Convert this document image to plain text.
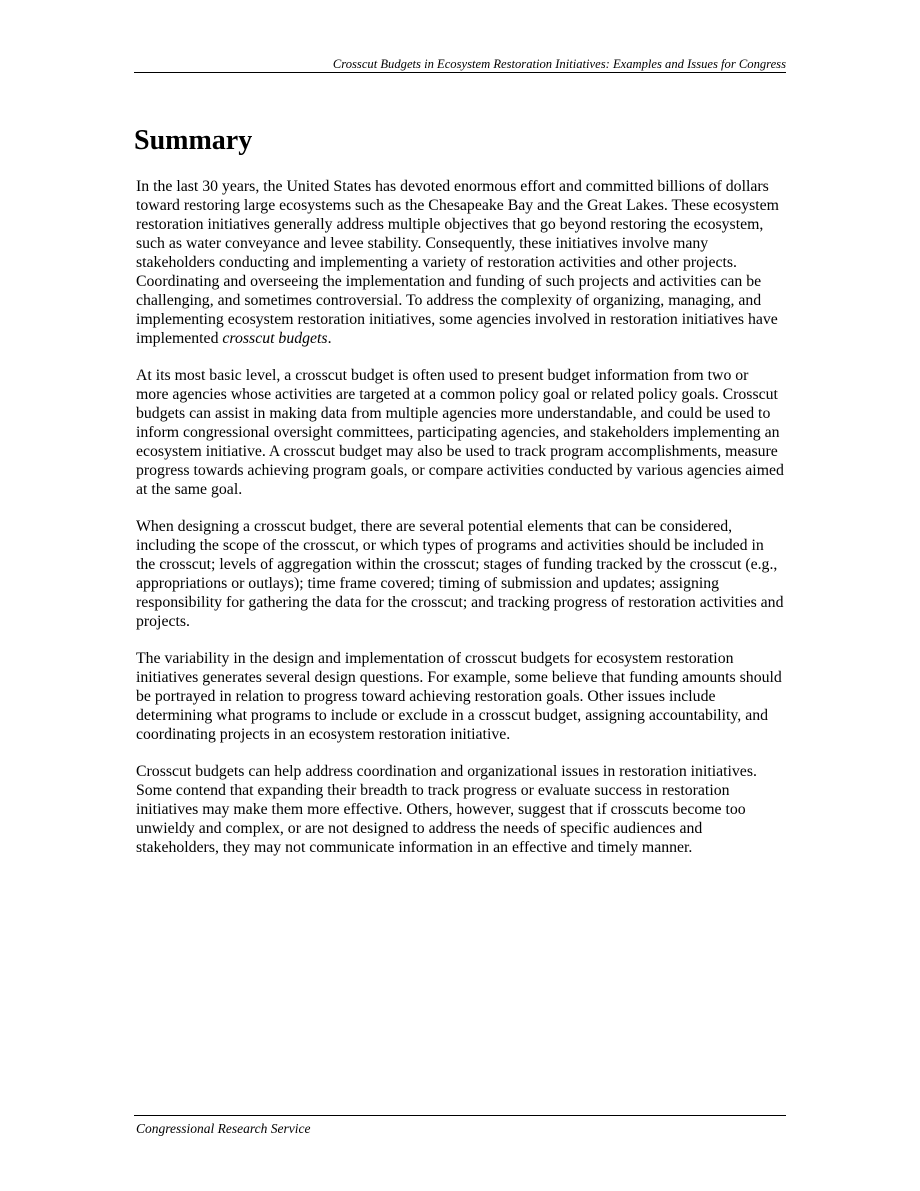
Crosscut Budgets in Ecosystem Restoration Initiatives: Examples and Issues for Congress
Summary

In the last 30 years, the United States has devoted enormous effort and committed billions of dollars toward restoring large ecosystems such as the Chesapeake Bay and the Great Lakes. These ecosystem restoration initiatives generally address multiple objectives that go beyond restoring the ecosystem, such as water conveyance and levee stability. Consequently, these initiatives involve many stakeholders conducting and implementing a variety of restoration activities and other projects. Coordinating and overseeing the implementation and funding of such projects and activities can be challenging, and sometimes controversial. To address the complexity of organizing, managing, and implementing ecosystem restoration initiatives, some agencies involved in restoration initiatives have implemented crosscut budgets.

At its most basic level, a crosscut budget is often used to present budget information from two or more agencies whose activities are targeted at a common policy goal or related policy goals. Crosscut budgets can assist in making data from multiple agencies more understandable, and could be used to inform congressional oversight committees, participating agencies, and stakeholders implementing an ecosystem initiative. A crosscut budget may also be used to track program accomplishments, measure progress towards achieving program goals, or compare activities conducted by various agencies aimed at the same goal.

When designing a crosscut budget, there are several potential elements that can be considered, including the scope of the crosscut, or which types of programs and activities should be included in the crosscut; levels of aggregation within the crosscut; stages of funding tracked by the crosscut (e.g., appropriations or outlays); time frame covered; timing of submission and updates; assigning responsibility for gathering the data for the crosscut; and tracking progress of restoration activities and projects.

The variability in the design and implementation of crosscut budgets for ecosystem restoration initiatives generates several design questions. For example, some believe that funding amounts should be portrayed in relation to progress toward achieving restoration goals. Other issues include determining what programs to include or exclude in a crosscut budget, assigning accountability, and coordinating projects in an ecosystem restoration initiative.

Crosscut budgets can help address coordination and organizational issues in restoration initiatives. Some contend that expanding their breadth to track progress or evaluate success in restoration initiatives may make them more effective. Others, however, suggest that if crosscuts become too unwieldy and complex, or are not designed to address the needs of specific audiences and stakeholders, they may not communicate information in an effective and timely manner.

Congressional Research Service
